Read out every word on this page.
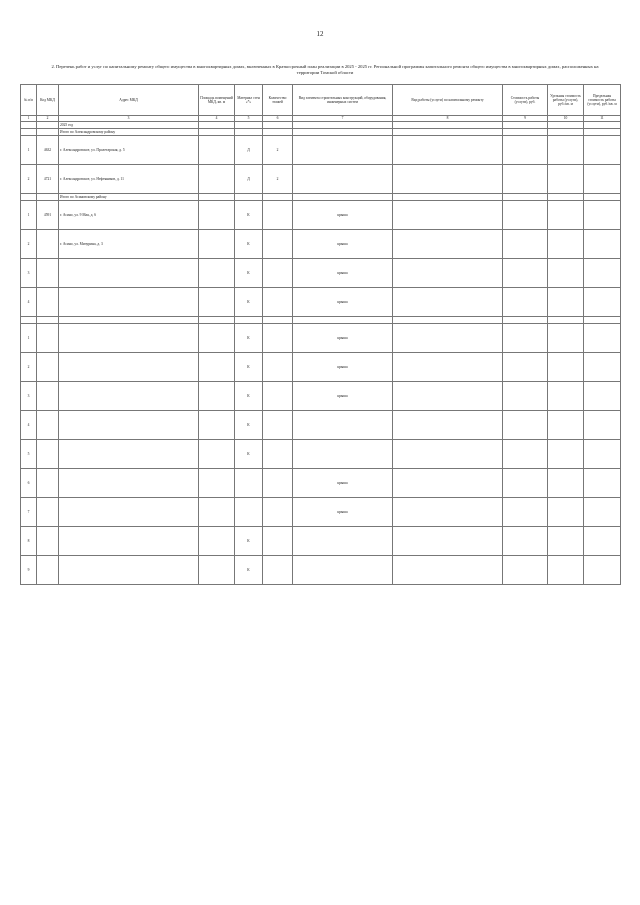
12
2. Перечень работ и услуг по капитальному ремонту общего имущества в многоквартирных домах, включенных в Краткосрочный план реализации в 2025 - 2025 гг. Региональной программы капитального ремонта общего имущества в многоквартирных домах, расположенных на территории Томской области
№ п/п	Код МКД	Адрес МКД	Площадь помещений МКД, кв. м	Материал стен «*»	Количество этажей	Вид элемента строительных конструкций, оборудования, инженерных систем	Вид работы (услуги) по капитальному ремонту	Стоимость работы (услуги), руб.	Удельная стоимость работы (услуги), руб./кв. м	Предельная стоимость работы (услуги), руб./кв. м
1	2	3	4	5	6	7	8	9	10	11
		2025 год								
		Итого по Александровскому району								
1	4632	г. Александровское, ул. Пролетарская, д. 5		Д	2					
2	4721	г. Александровское, ул. Нефтяников, д. 11		Д	2					
		Итого по Асиновскому району								
1	4591	г. Асино, ул. 9 Мая, д. 6		К		крыша				
2		г. Асино, ул. Мичурина, д. 3		К		крыша				
3				К		крыша				
4				К		крыша				

1				К		крыша				
2				К		крыша				
3				К		крыша				
4				К						
5				К						
6						крыша				
7						крыша				
8				К						
9				К						
